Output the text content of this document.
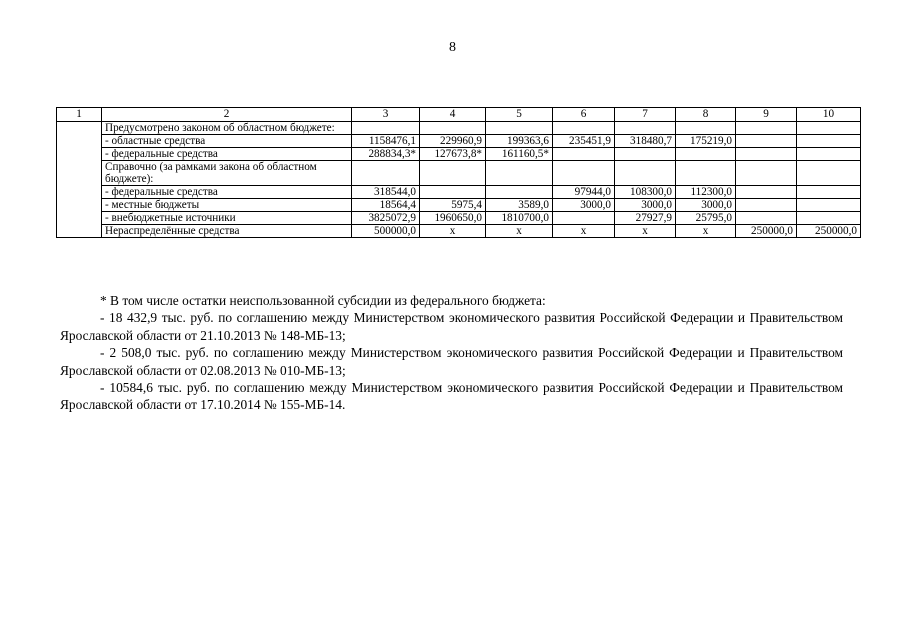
8
1	2	3	4	5	6	7	8	9	10
	Предусмотрено законом об областном бюджете:								
	- областные средства	1158476,1	229960,9	199363,6	235451,9	318480,7	175219,0		
	- федеральные средства	288834,3*	127673,8*	161160,5*					
	Справочно (за рамками закона об областном бюджете):								
	- федеральные средства	318544,0			97944,0	108300,0	112300,0		
	- местные бюджеты	18564,4	5975,4	3589,0	3000,0	3000,0	3000,0		
	- внебюджетные источники	3825072,9	1960650,0	1810700,0		27927,9	25795,0		
	Нераспределённые средства	500000,0	х	х	х	х	х	250000,0	250000,0

* В том числе остатки неиспользованной субсидии из федерального бюджета:

- 18 432,9 тыс. руб. по соглашению между Министерством экономического развития Российской Федерации и Правительством Ярославской области от 21.10.2013 № 148-МБ-13;

- 2 508,0 тыс. руб. по соглашению между Министерством экономического развития Российской Федерации и Правительством Ярославской области от 02.08.2013 № 010-МБ-13;

- 10584,6 тыс. руб. по соглашению между Министерством экономического развития Российской Федерации и Правительством Ярославской области от 17.10.2014 № 155-МБ-14.
